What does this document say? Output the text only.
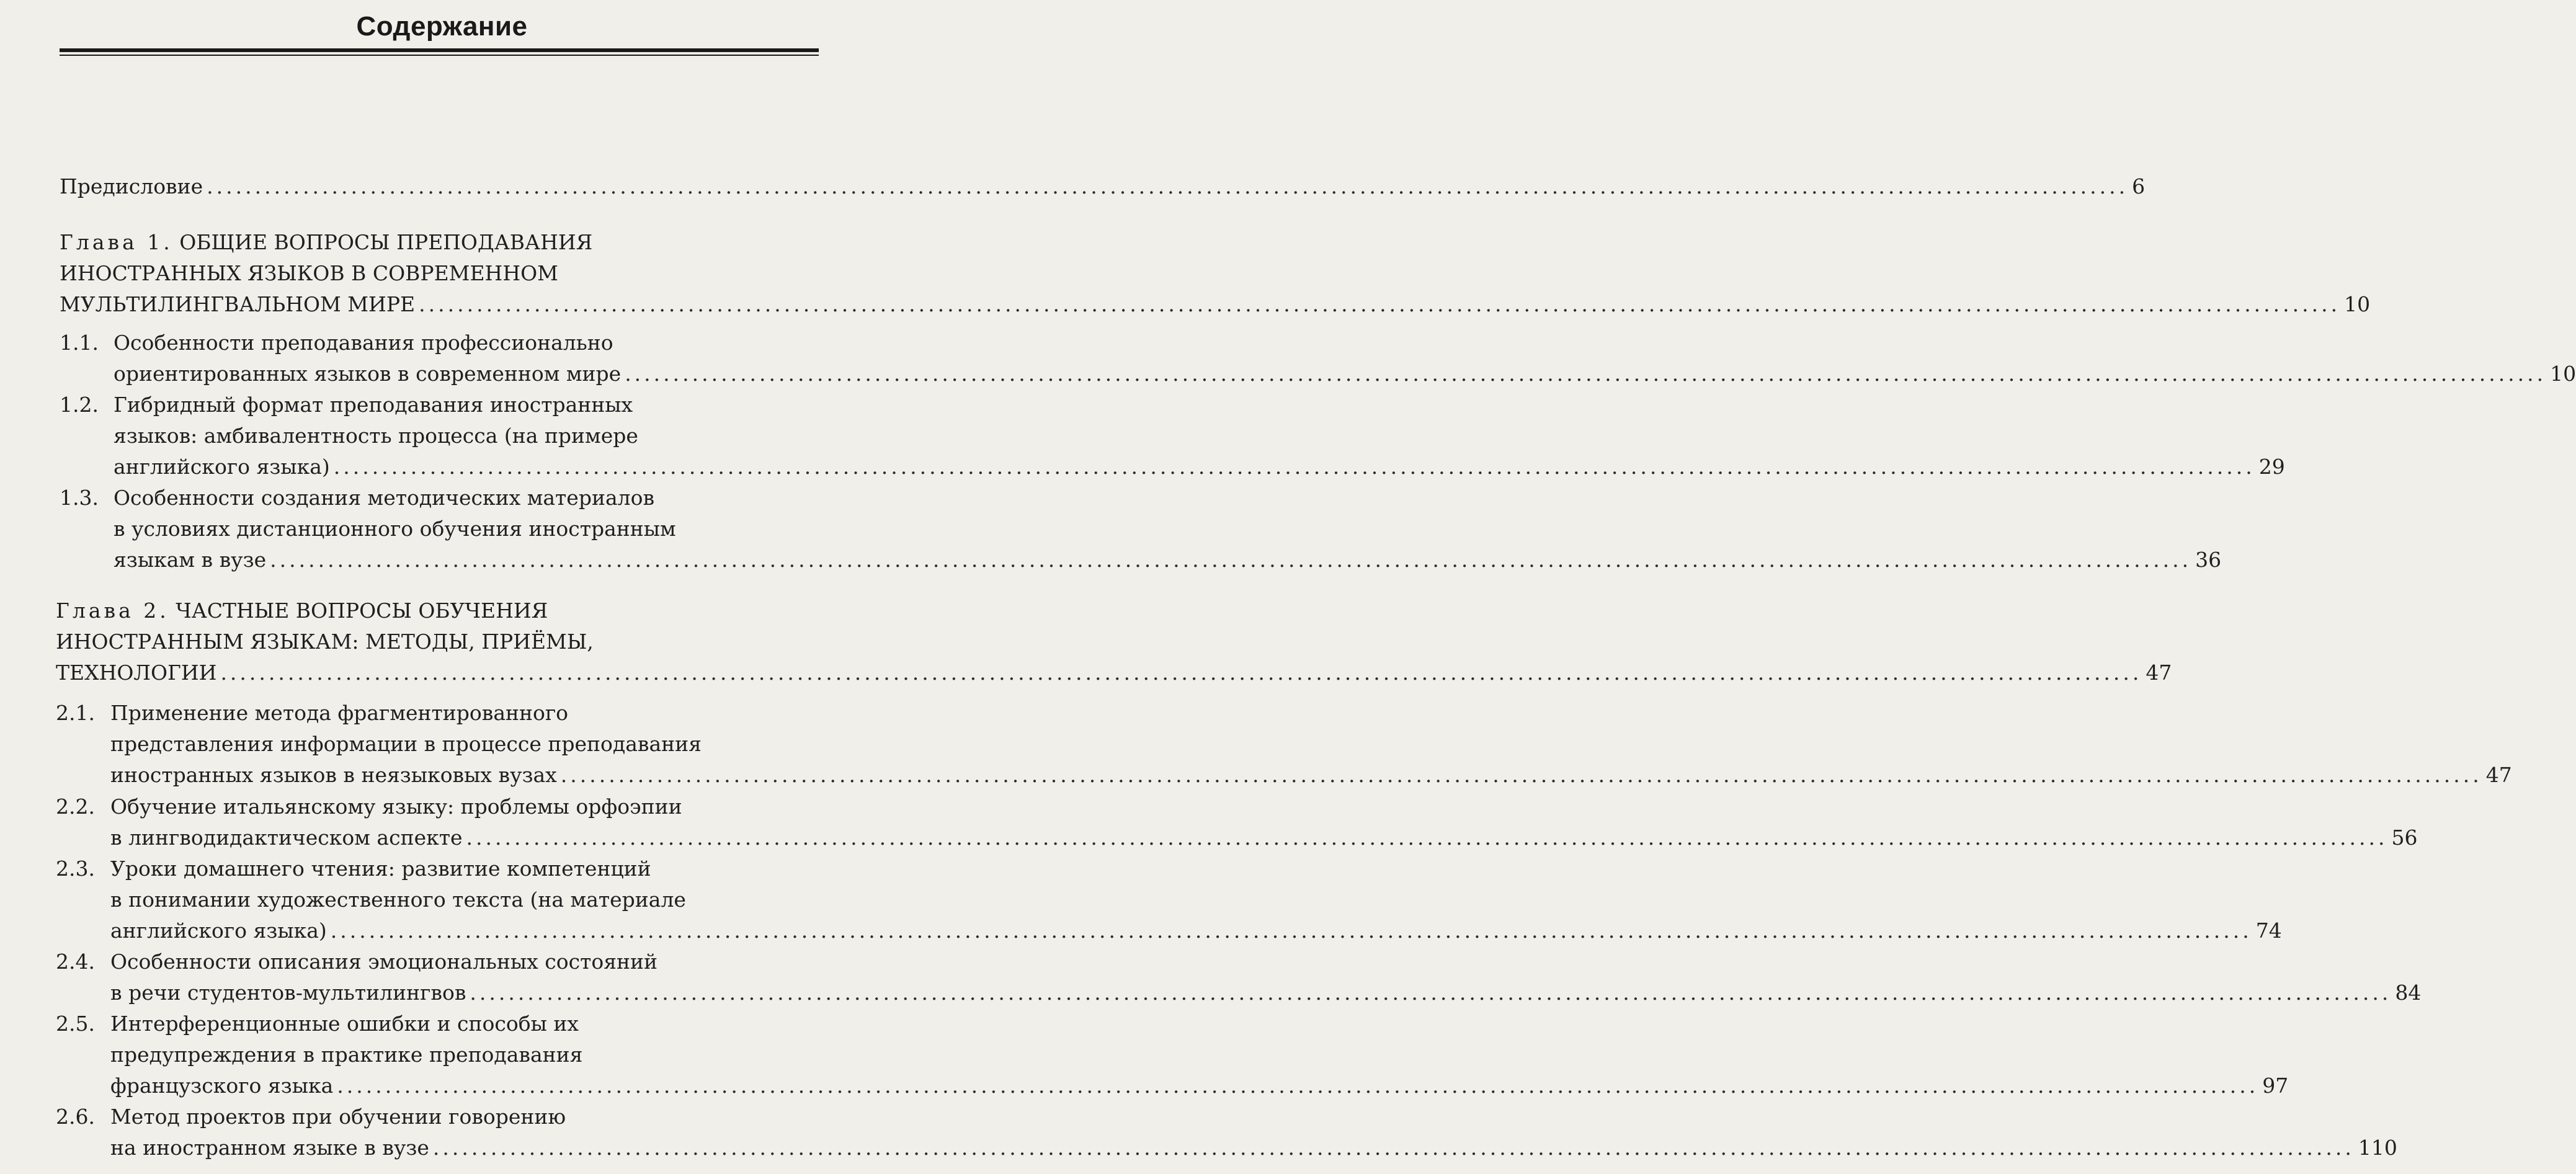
Содержание
Предисловие ........................................................................................................................................................................................................ 6
Глава 1. ОБЩИЕ ВОПРОСЫ ПРЕПОДАВАНИЯ
ИНОСТРАННЫХ ЯЗЫКОВ В СОВРЕМЕННОМ
МУЛЬТИЛИНГВАЛЬНОМ МИРЕ ........................................................................................................................................................................................................ 10
1.1. Особенности преподавания профессионально
ориентированных языков в современном мире ........................................................................................................................................................................................................ 10
1.2. Гибридный формат преподавания иностранных
языков: амбивалентность процесса (на примере
английского языка) ........................................................................................................................................................................................................ 29
1.3. Особенности создания методических материалов
в условиях дистанционного обучения иностранным
языкам в вузе ........................................................................................................................................................................................................ 36
Глава 2. ЧАСТНЫЕ ВОПРОСЫ ОБУЧЕНИЯ
ИНОСТРАННЫМ ЯЗЫКАМ: МЕТОДЫ, ПРИЁМЫ,
ТЕХНОЛОГИИ ........................................................................................................................................................................................................ 47
2.1. Применение метода фрагментированного
представления информации в процессе преподавания
иностранных языков в неязыковых вузах ........................................................................................................................................................................................................ 47
2.2. Обучение итальянскому языку: проблемы орфоэпии
в лингводидактическом аспекте ........................................................................................................................................................................................................ 56
2.3. Уроки домашнего чтения: развитие компетенций
в понимании художественного текста (на материале
английского языка) ........................................................................................................................................................................................................ 74
2.4. Особенности описания эмоциональных состояний
в речи студентов-мультилингвов ........................................................................................................................................................................................................ 84
2.5. Интерференционные ошибки и способы их
предупреждения в практике преподавания
французского языка ........................................................................................................................................................................................................ 97
2.6. Метод проектов при обучении говорению
на иностранном языке в вузе ........................................................................................................................................................................................................ 110
